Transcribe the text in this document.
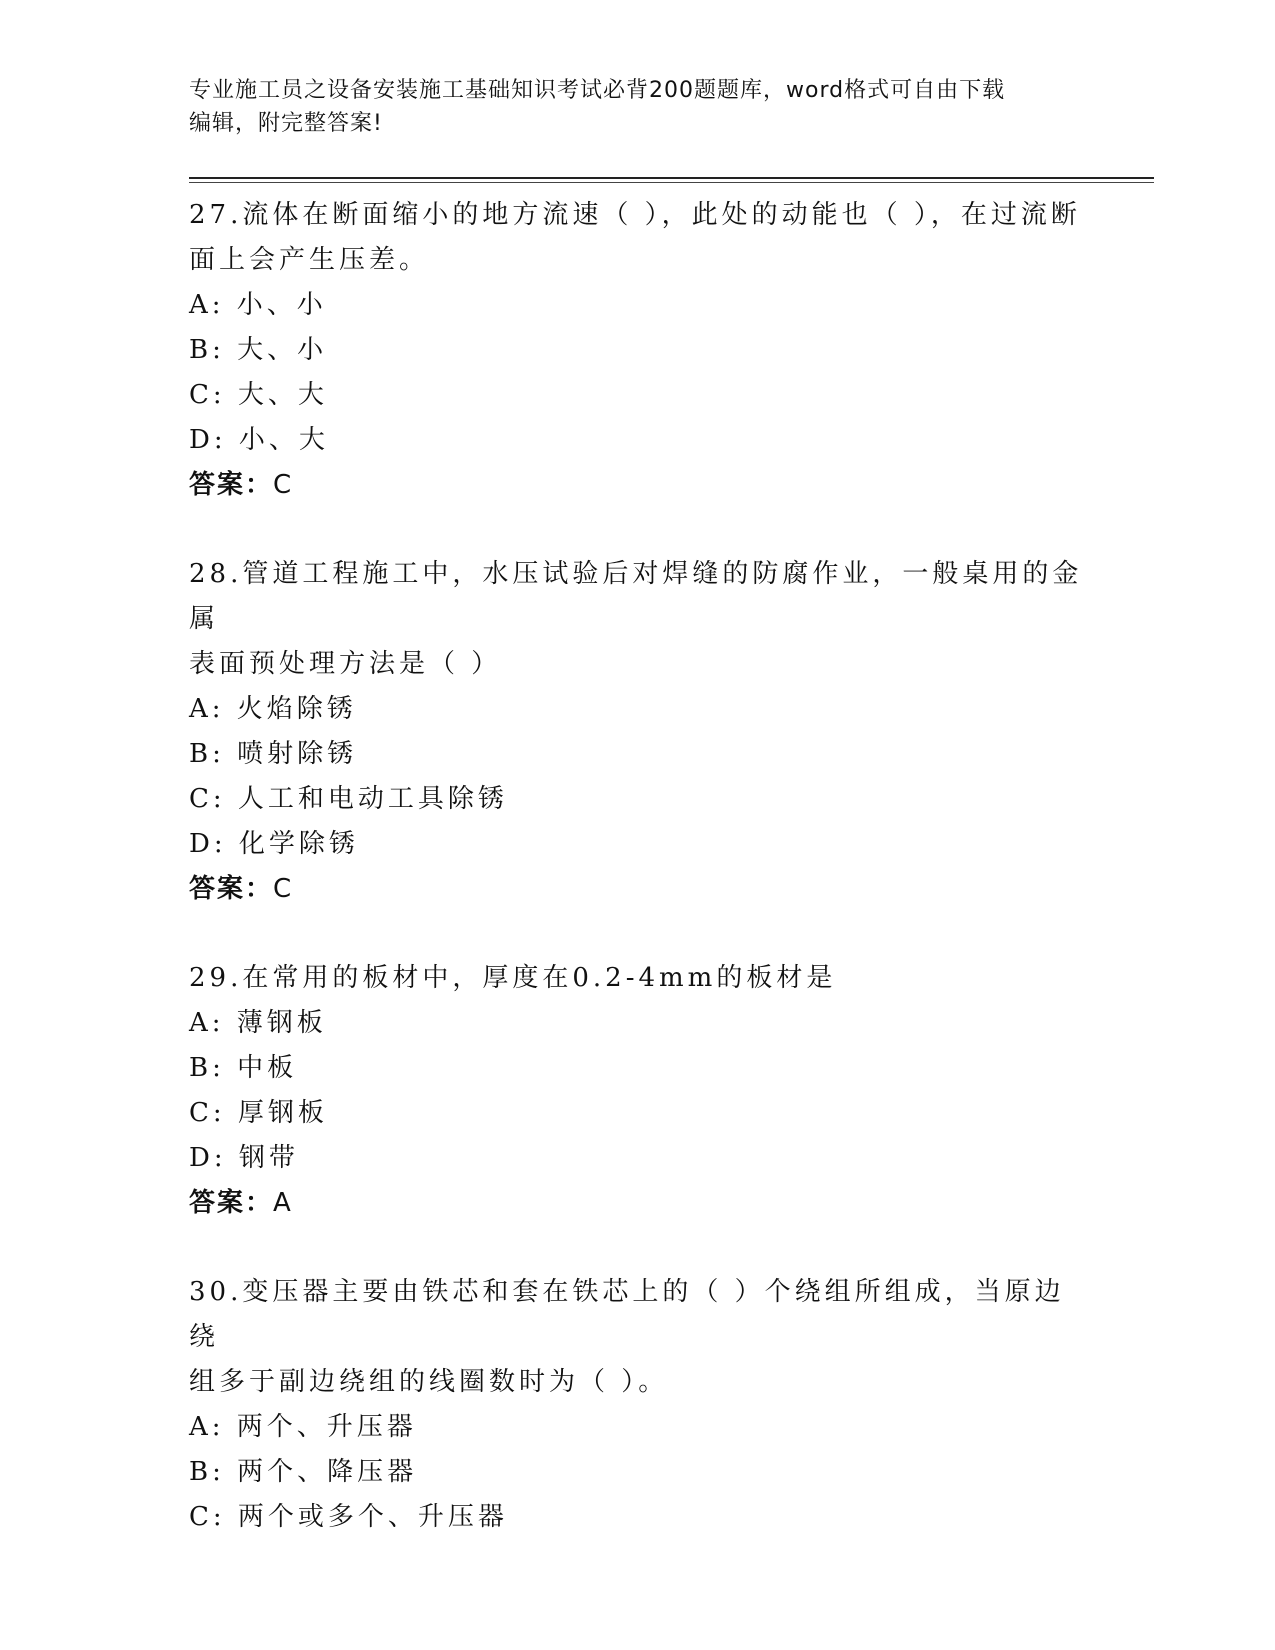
专业施工员之设备安装施工基础知识考试必背200题题库，word格式可自由下载
编辑，附完整答案!
27.流体在断面缩小的地方流速（ ），此处的动能也（ ），在过流断
面上会产生压差。
A: 小、小
B: 大、小
C: 大、大
D: 小、大
答案：C
28.管道工程施工中，水压试验后对焊缝的防腐作业，一般桌用的金属
表面预处理方法是（ ）
A: 火焰除锈
B: 喷射除锈
C: 人工和电动工具除锈
D: 化学除锈
答案：C
29.在常用的板材中，厚度在0.2-4mm的板材是
A: 薄钢板
B: 中板
C: 厚钢板
D: 钢带
答案：A
30.变压器主要由铁芯和套在铁芯上的（ ）个绕组所组成，当原边绕
组多于副边绕组的线圈数时为（ ）。
A: 两个、升压器
B: 两个、降压器
C: 两个或多个、升压器
